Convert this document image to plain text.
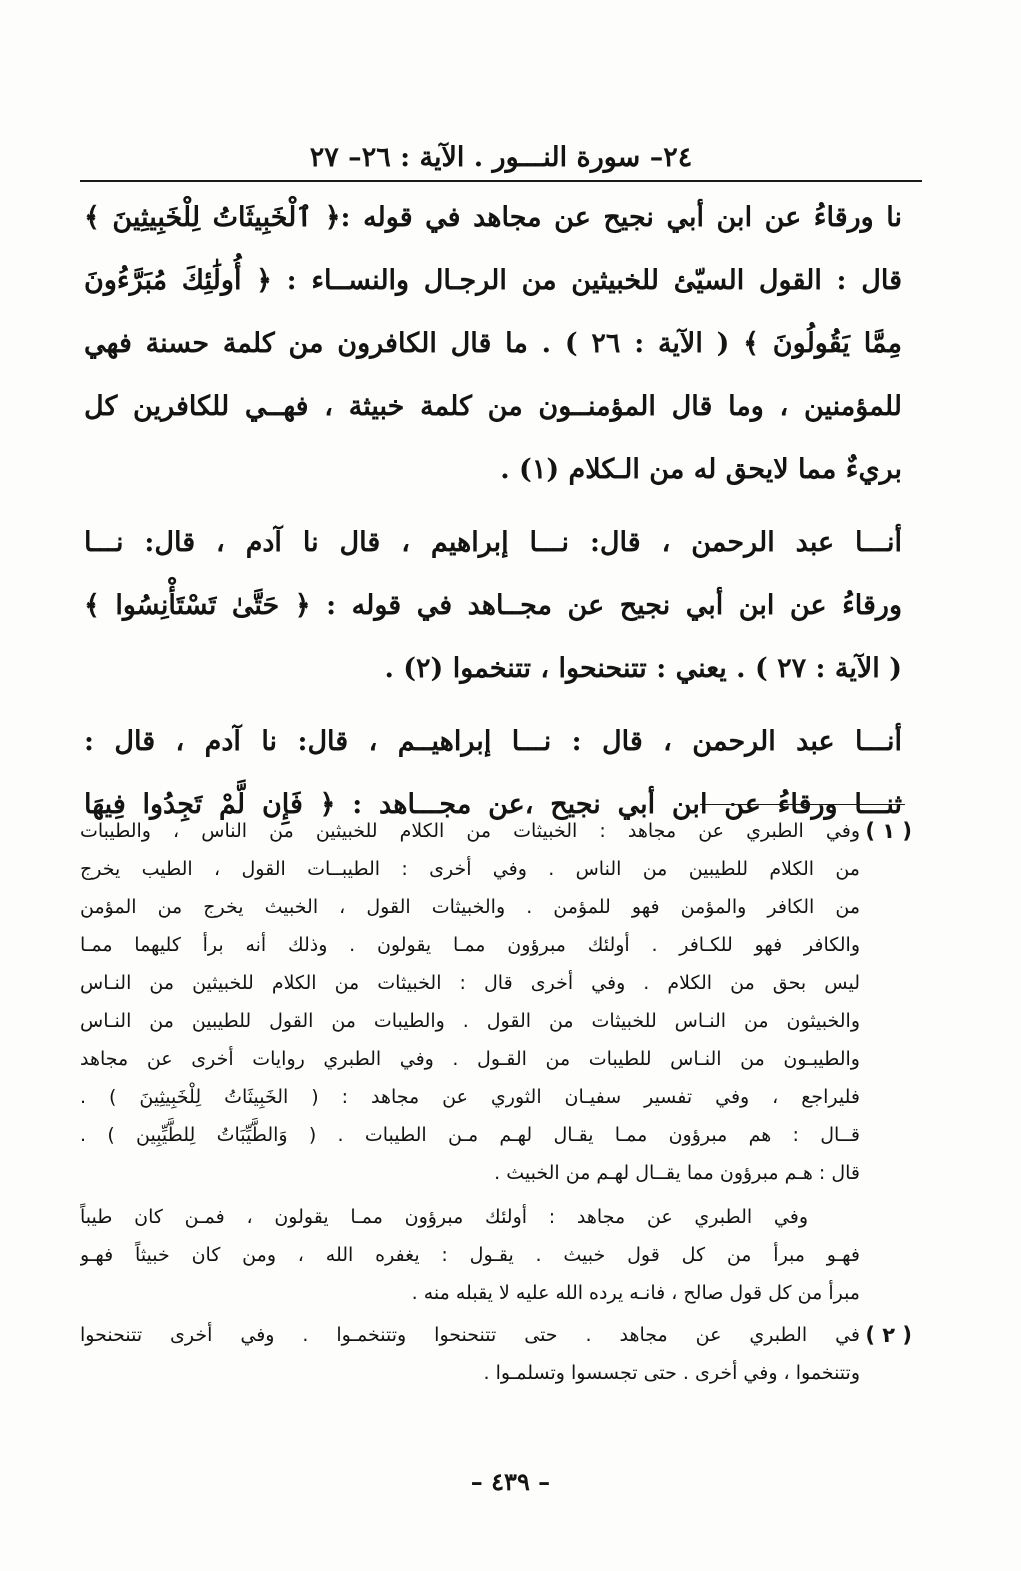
٢٤– سورة النـــور . الآية : ٢٦– ٢٧
نا ورقاءُ عن ابن أبي نجيح عن مجاهد في قوله :﴿ ٱلْخَبِيثَاتُ لِلْخَبِيثِينَ ﴾
قال : القول السيّئ للخبيثين من الرجـال والنســاء : ﴿ أُولَٰئِكَ مُبَرَّءُونَ
مِمَّا يَقُولُونَ ﴾ ( الآية : ٢٦ ) . ما قال الكافرون من كلمة حسنة فهي
للمؤمنين ، وما قال المؤمنــون من كلمة خبيثة ، فهــي للكافرين كل
بريءٌ مما لايحق له من الـكلام (١) .
أنـــا عبد الرحمن ، قال: نـــا إبراهيم ، قال نا آدم ، قال: نـــا
ورقاءُ عن ابن أبي نجيح عن مجــاهد في قوله : ﴿ حَتَّىٰ تَسْتَأْنِسُوا ﴾
( الآية : ٢٧ ) . يعني : تتنحنحوا ، تتنخموا (٢) .
أنـــا عبد الرحمن ، قال : نـــا إبراهيــم ، قال: نا آدم ، قال :
ثنـــا ورقاءُ عن ابن أبي نجيح ،عن مجـــاهد : ﴿ فَإِن لَّمْ تَجِدُوا فِيهَا
( ١ )
وفي الطبري عن مجاهد : الخبيثات من الكلام للخبيثين من الناس ، والطيبات
من الكلام للطيبين من الناس . وفي أخرى : الطيبــات القول ، الطيب يخرج
من الكافر والمؤمن فهو للمؤمن . والخبيثات القول ، الخبيث يخرج من المؤمن
والكافر فهو للكـافر . أولئك مبرؤون ممـا يقولون . وذلك أنه برأ كليهما ممـا
ليس بحق من الكلام . وفي أخرى قال : الخبيثات من الكلام للخبيثين من النـاس
والخبيثون من النـاس للخبيثات من القول . والطيبات من القول للطيبين من النـاس
والطيبـون من النـاس للطيبات من القـول . وفي الطبري روايات أخرى عن مجاهد
فليراجع ، وفي تفسير سفيـان الثوري عن مجاهد : ( الخَبِيثَاتُ لِلْخَبِيثِينَ ) .
قــال : هم مبرؤون ممـا يقـال لهـم مـن الطيبات . ( وَالطَّيِّبَاتُ لِلطَّيِّبِين ) .
قال : هـم مبرؤون مما يقــال لهـم من الخبيث .
وفي الطبري عن مجاهد : أولئك مبرؤون ممـا يقولون ، فمـن كان طيباً
فهـو مبرأ من كل قول خبيث . يقـول : يغفره الله ، ومن كان خبيثاً فهـو
مبرأ من كل قول صالح ، فانـه يرده الله عليه لا يقبله منه .
( ٢ )
في الطبري عن مجاهد . حتى تتنحنحوا وتتنخمـوا . وفي أخرى تتنحنحوا
وتتنخموا ، وفي أخرى . حتى تجسسوا وتسلمـوا .
– ٤٣٩ –
